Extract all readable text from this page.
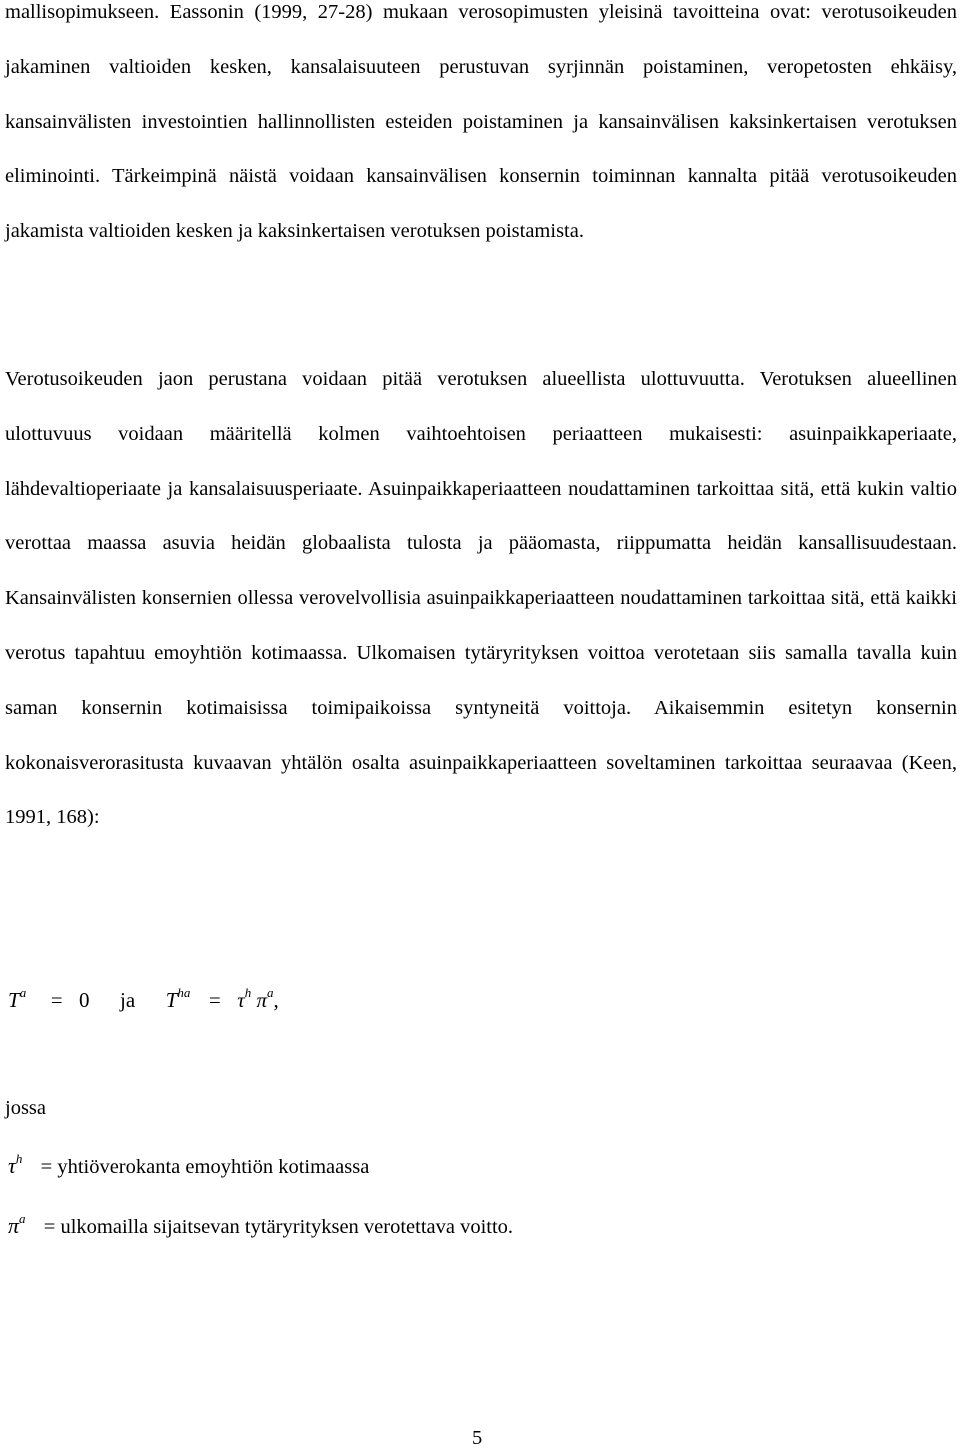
mallisopimukseen. Eassonin (1999, 27-28) mukaan verosopimusten yleisinä tavoitteina ovat: verotusoikeuden jakaminen valtioiden kesken, kansalaisuuteen perustuvan syrjinnän poistaminen, veropetosten ehkäisy, kansainvälisten investointien hallinnollisten esteiden poistaminen ja kansainvälisen kaksinkertaisen verotuksen eliminointi. Tärkeimpinä näistä voidaan kansainvälisen konsernin toiminnan kannalta pitää verotusoikeuden jakamista valtioiden kesken ja kaksinkertaisen verotuksen poistamista.

Verotusoikeuden jaon perustana voidaan pitää verotuksen alueellista ulottuvuutta. Verotuksen alueellinen ulottuvuus voidaan määritellä kolmen vaihtoehtoisen periaatteen mukaisesti: asuinpaikkaperiaate, lähdevaltioperiaate ja kansalaisuusperiaate. Asuinpaikkaperiaatteen noudattaminen tarkoittaa sitä, että kukin valtio verottaa maassa asuvia heidän globaalista tulosta ja pääomasta, riippumatta heidän kansallisuudestaan. Kansainvälisten konsernien ollessa verovelvollisia asuinpaikkaperiaatteen noudattaminen tarkoittaa sitä, että kaikki verotus tapahtuu emoyhtiön kotimaassa. Ulkomaisen tytäryrityksen voittoa verotetaan siis samalla tavalla kuin saman konsernin kotimaisissa toimipaikoissa syntyneitä voittoja. Aikaisemmin esitetyn konsernin kokonaisverorasitusta kuvaavan yhtälön osalta asuinpaikkaperiaatteen soveltaminen tarkoittaa seuraavaa (Keen, 1991, 168):

$T^a = 0$ ja $T^{ha} = \tau^h$ $\pi^a$,
jossa
$\tau^h$ = yhtiöverokanta emoyhtiön kotimaassa
$\pi^a$ = ulkomailla sijaitsevan tytäryrityksen verotettava voitto.
5
